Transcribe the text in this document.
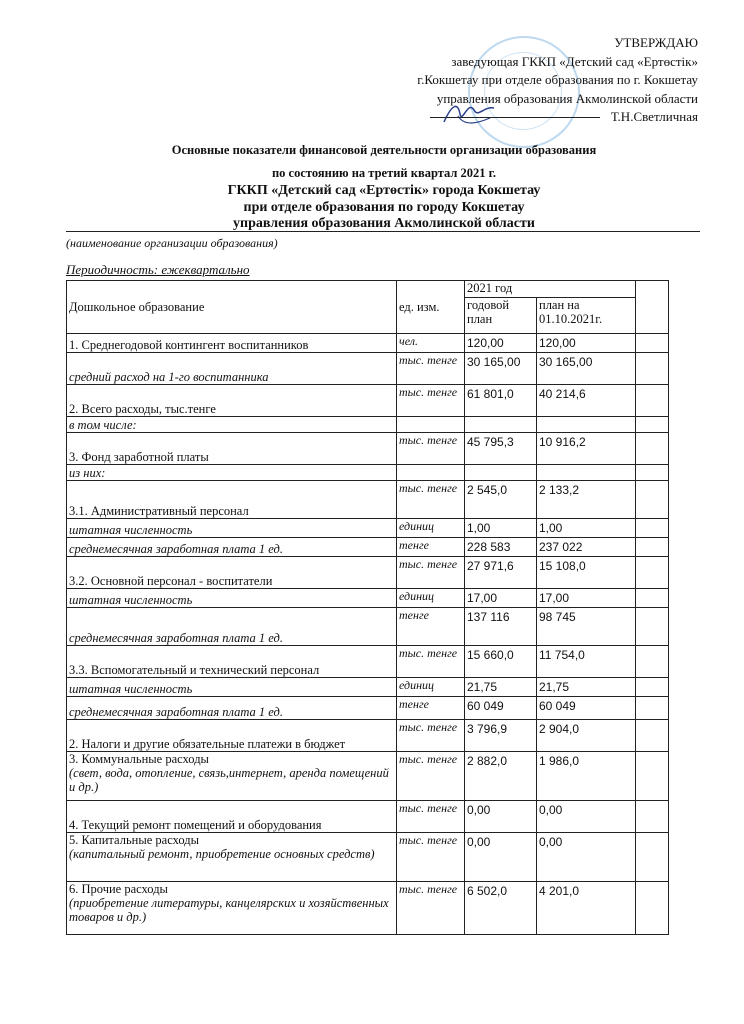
УТВЕРЖДАЮ
заведующая ГККП «Детский сад «Ертөстік»
г.Кокшетау при отделе образования по г. Кокшетау
управления образования Акмолинской области
Т.Н.Светличная
Основные показатели финансовой деятельности организации образования
по состоянию на третий квартал 2021 г.
ГККП «Детский сад «Ертөстік» города Кокшетау
при отделе образования по городу Кокшетау
управления образования Акмолинской области
(наименование организации образования)
Периодичность: ежеквартально
Дошкольное образование	ед. изм.	2021 год		
		годовой план	план на 01.10.2021г.	
1. Среднегодовой контингент воспитанников	чел.	120,00	120,00	
средний расход на 1-го воспитанника	тыс. тенге	30 165,00	30 165,00	
2. Всего расходы, тыс.тенге	тыс. тенге	61 801,0	40 214,6	
в том числе:				
3. Фонд заработной платы	тыс. тенге	45 795,3	10 916,2	
из них:				
3.1. Административный персонал	тыс. тенге	2 545,0	2 133,2	
штатная численность	единиц	1,00	1,00	
среднемесячная заработная плата 1 ед.	тенге	228 583	237 022	
3.2. Основной персонал - воспитатели	тыс. тенге	27 971,6	15 108,0	
штатная численность	единиц	17,00	17,00	
среднемесячная заработная плата 1 ед.	тенге	137 116	98 745	
3.3. Вспомогательный и технический персонал	тыс. тенге	15 660,0	11 754,0	
штатная численность	единиц	21,75	21,75	
среднемесячная заработная плата 1 ед.	тенге	60 049	60 049	
2. Налоги и другие обязательные платежи в бюджет	тыс. тенге	3 796,9	2 904,0	
3. Коммунальные расходы
(свет, вода, отопление, связь,интернет, аренда помещений и др.)	тыс. тенге	2 882,0	1 986,0	
4. Текущий ремонт помещений и оборудования	тыс. тенге	0,00	0,00	
5. Капитальные расходы
(капитальный ремонт, приобретение основных средств)	тыс. тенге	0,00	0,00	
6. Прочие расходы
(приобретение литературы, канцелярских и хозяйственных товаров и др.)	тыс. тенге	6 502,0	4 201,0	
